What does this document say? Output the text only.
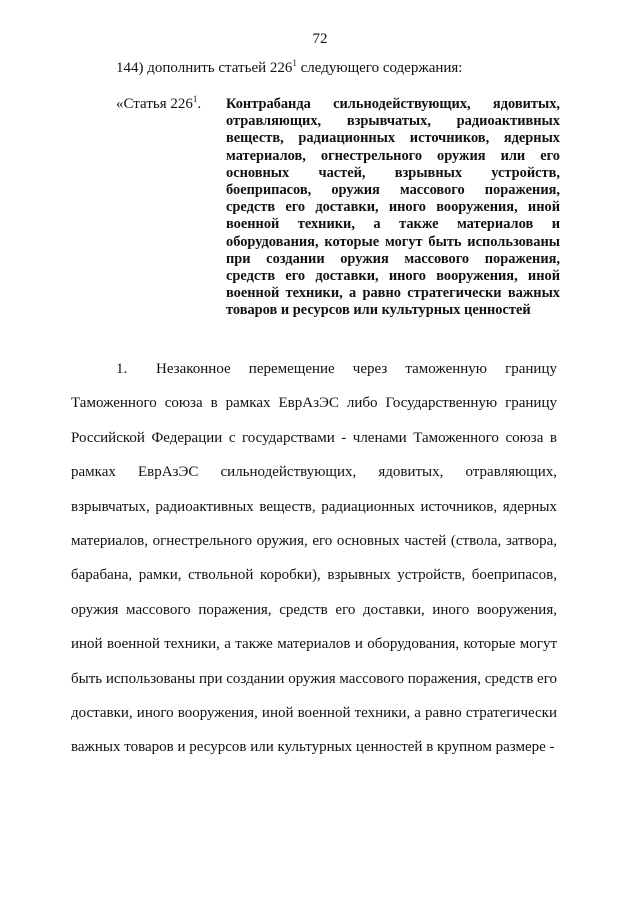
72
144) дополнить статьей $226^1$ следующего содержания:
«Статья $226^1$. Контрабанда сильнодействующих, ядовитых, отравляющих, взрывчатых, радиоактивных веществ, радиационных источников, ядерных материалов, огнестрельного оружия или его основных частей, взрывных устройств, боеприпасов, оружия массового поражения, средств его доставки, иного вооружения, иной военной техники, а также материалов и оборудования, которые могут быть использованы при создании оружия массового поражения, средств его доставки, иного вооружения, иной военной техники, а равно стратегически важных товаров и ресурсов или культурных ценностей
1. Незаконное перемещение через таможенную границу Таможенного союза в рамках ЕврАзЭС либо Государственную границу Российской Федерации с государствами - членами Таможенного союза в рамках ЕврАзЭС сильнодействующих, ядовитых, отравляющих, взрывчатых, радиоактивных веществ, радиационных источников, ядерных материалов, огнестрельного оружия, его основных частей (ствола, затвора, барабана, рамки, ствольной коробки), взрывных устройств, боеприпасов, оружия массового поражения, средств его доставки, иного вооружения, иной военной техники, а также материалов и оборудования, которые могут быть использованы при создании оружия массового поражения, средств его доставки, иного вооружения, иной военной техники, а равно стратегически важных товаров и ресурсов или культурных ценностей в крупном размере -
